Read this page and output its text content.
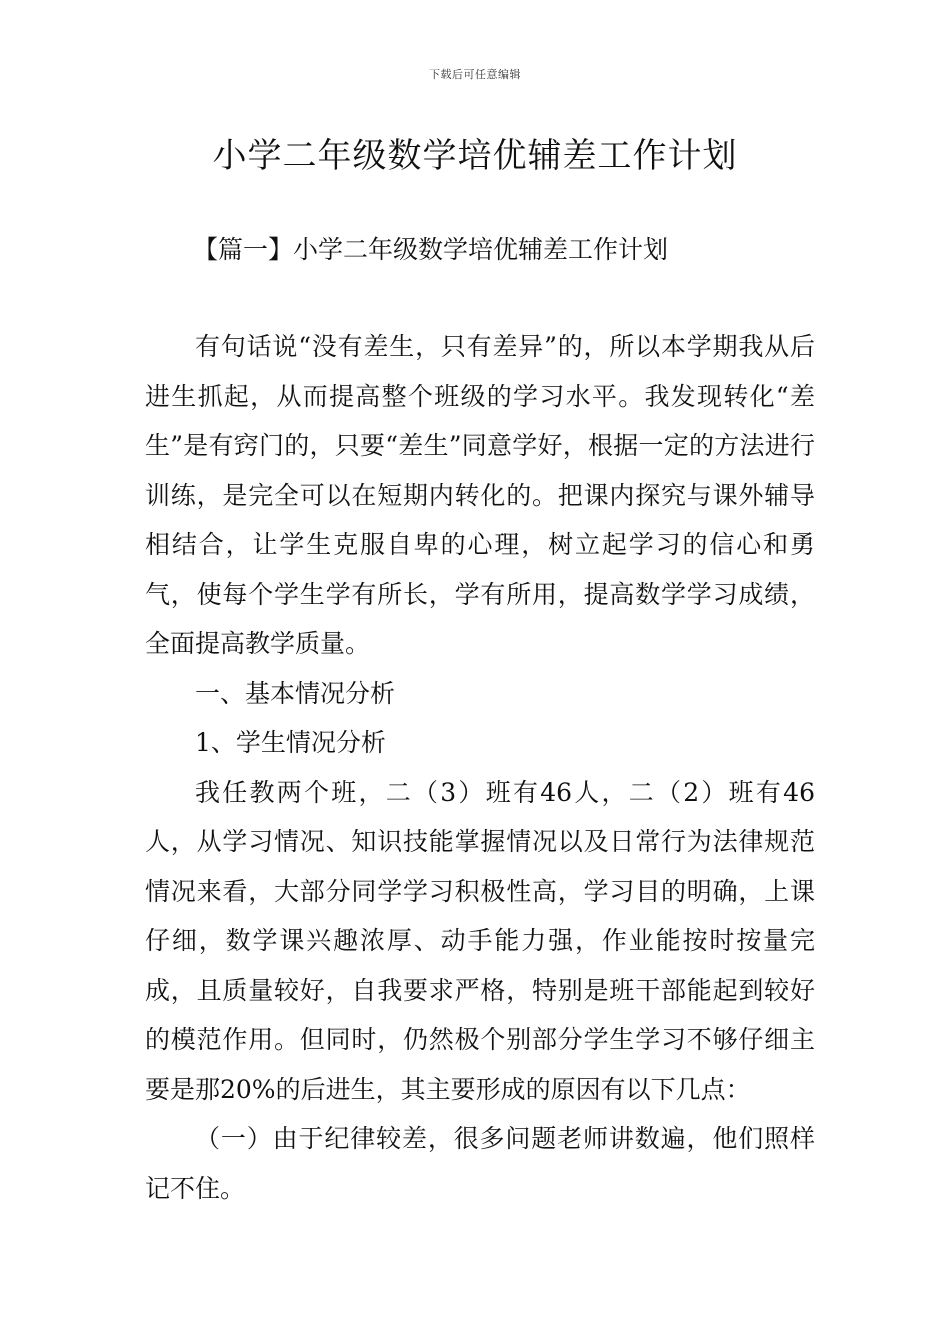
下载后可任意编辑
小学二年级数学培优辅差工作计划
【篇一】小学二年级数学培优辅差工作计划

有句话说“没有差生，只有差异”的，所以本学期我从后进生抓起，从而提高整个班级的学习水平。我发现转化“差生”是有窍门的，只要“差生”同意学好，根据一定的方法进行训练，是完全可以在短期内转化的。把课内探究与课外辅导相结合，让学生克服自卑的心理，树立起学习的信心和勇气，使每个学生学有所长，学有所用，提高数学学习成绩，全面提高教学质量。

一、基本情况分析

1、学生情况分析

我任教两个班，二（3）班有46人，二（2）班有46人，从学习情况、知识技能掌握情况以及日常行为法律规范情况来看，大部分同学学习积极性高，学习目的明确，上课仔细，数学课兴趣浓厚、动手能力强，作业能按时按量完成，且质量较好，自我要求严格，特别是班干部能起到较好的模范作用。但同时，仍然极个别部分学生学习不够仔细主要是那20%的后进生，其主要形成的原因有以下几点：

（一）由于纪律较差，很多问题老师讲数遍，他们照样记不住。
